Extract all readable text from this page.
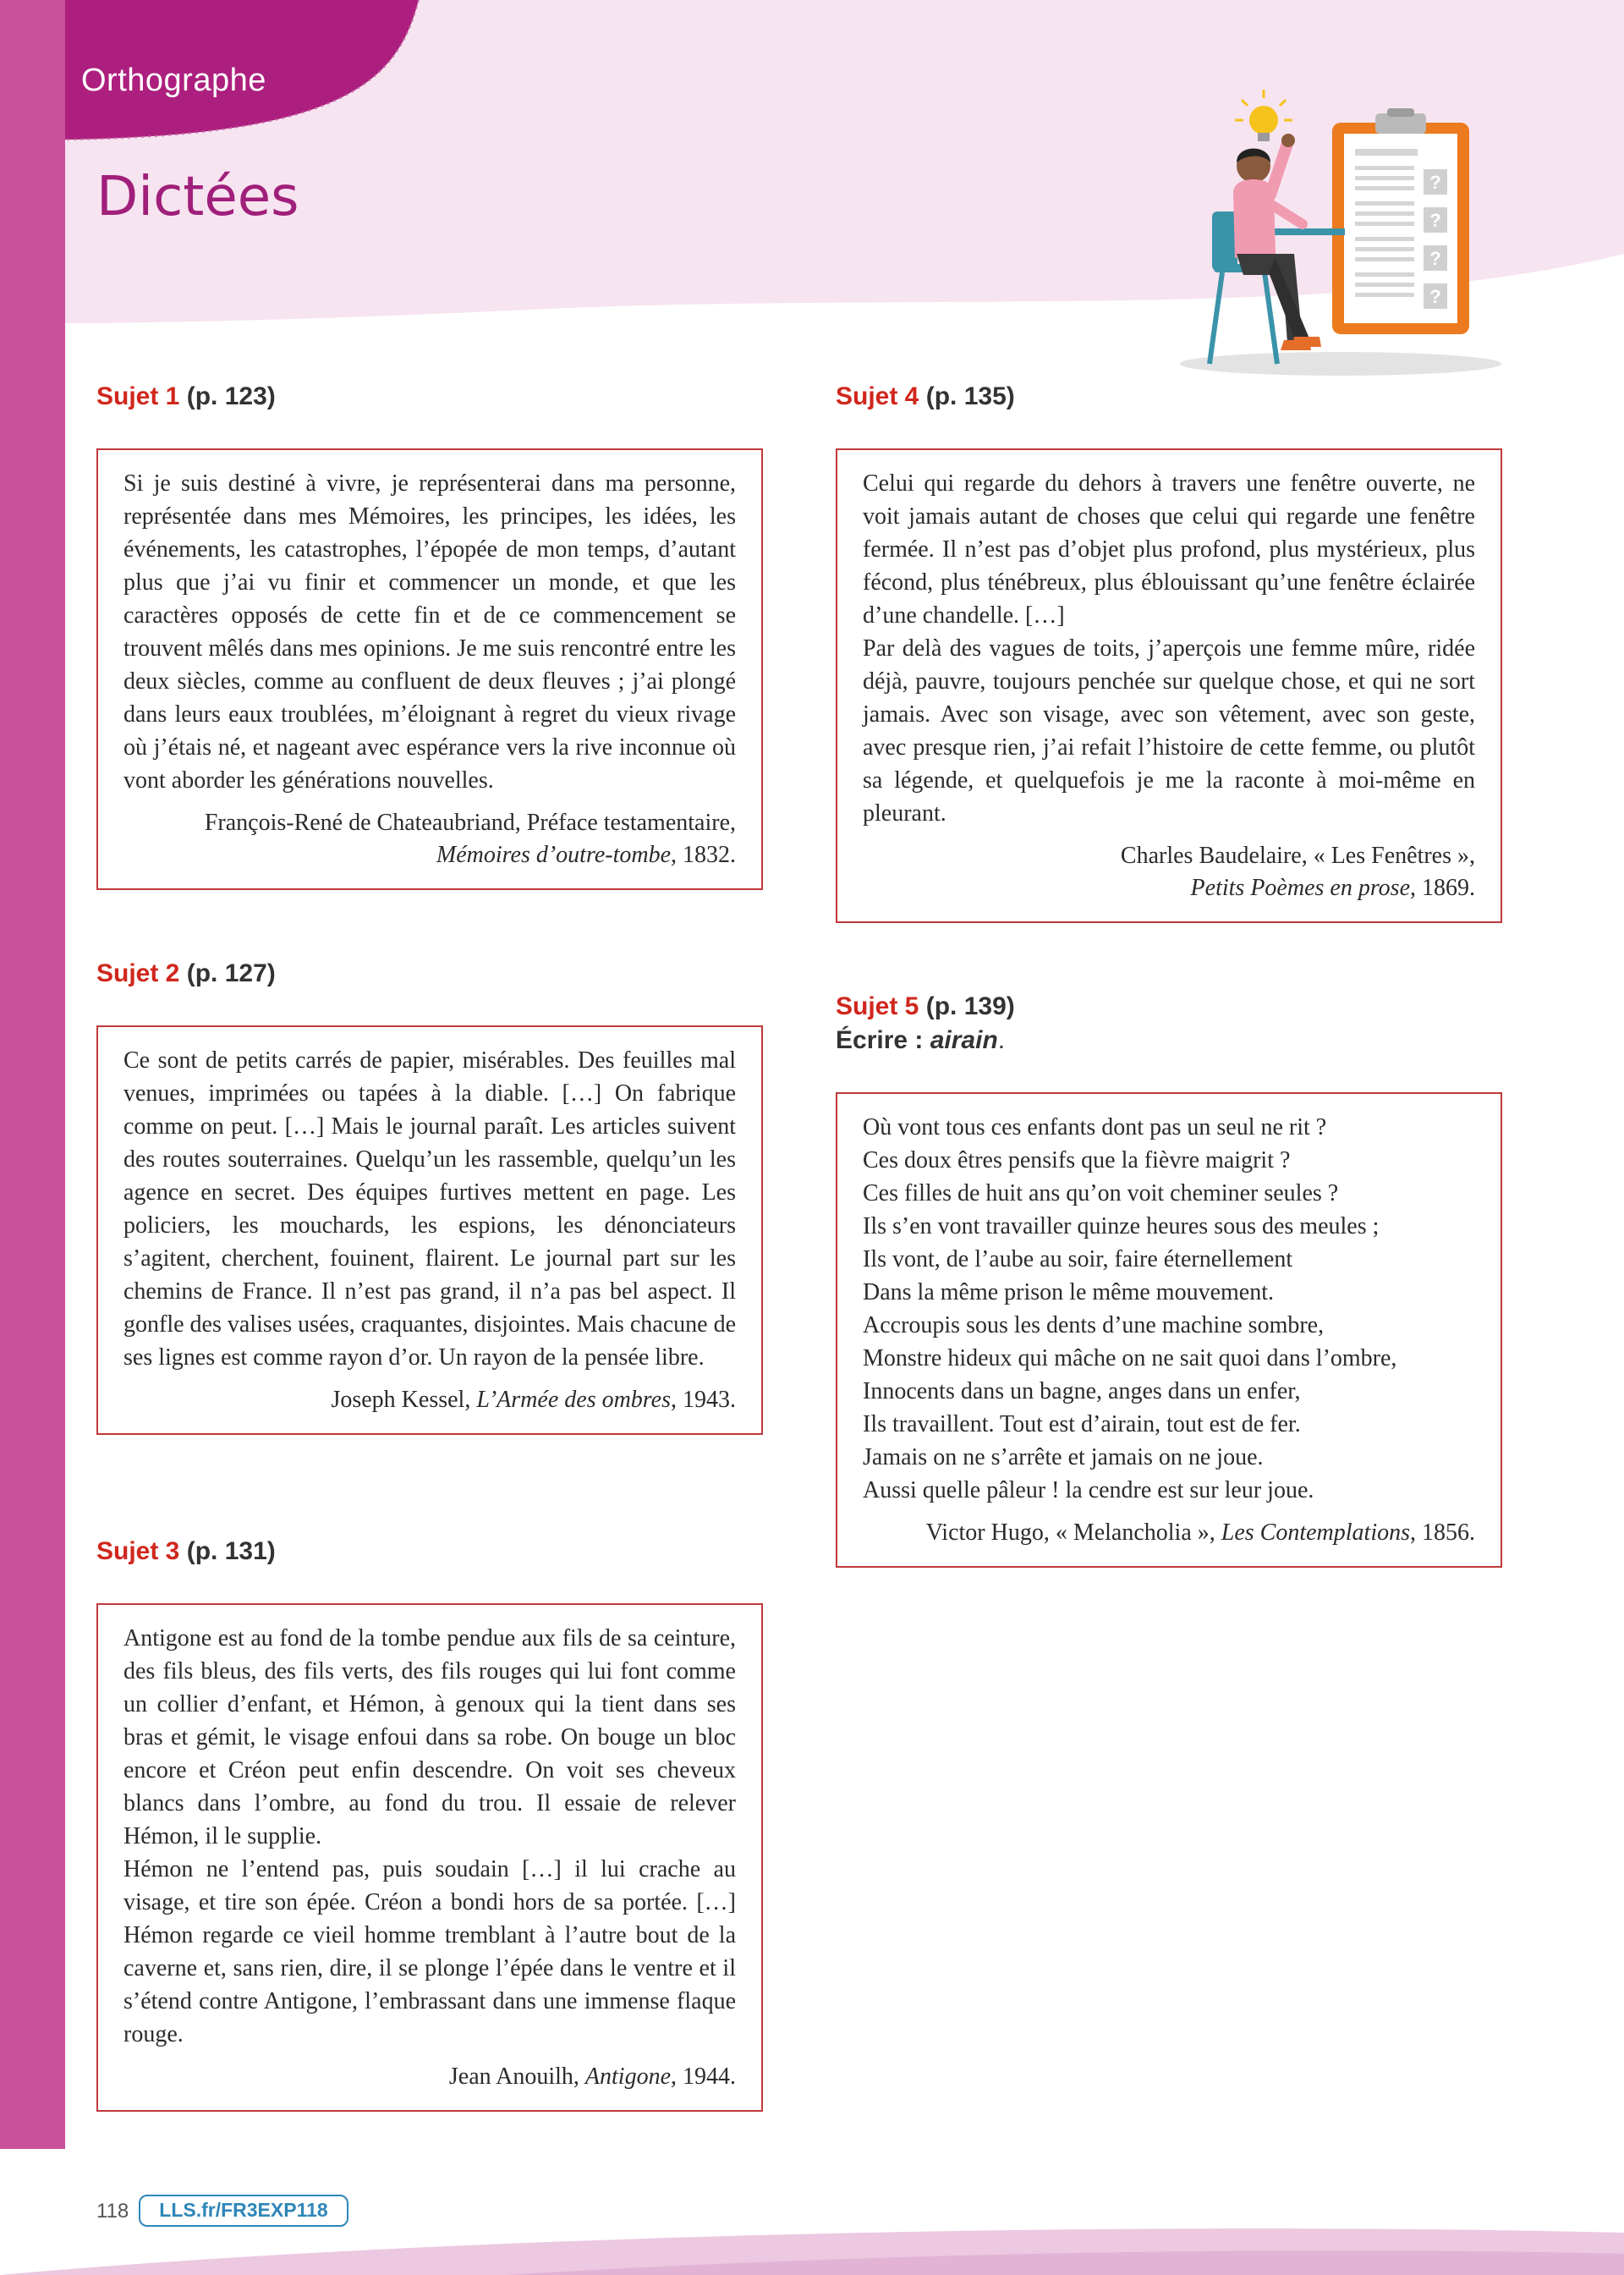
Orthographe
Dictées	?
?
?
?
Sujet 1 (p. 123)

Si je suis destiné à vivre, je représenterai dans ma personne, représentée dans mes Mémoires, les principes, les idées, les événements, les catastrophes, l’épopée de mon temps, d’autant plus que j’ai vu finir et commencer un monde, et que les caractères opposés de cette fin et de ce commencement se trouvent mêlés dans mes opinions. Je me suis rencontré entre les deux siècles, comme au confluent de deux fleuves ; j’ai plongé dans leurs eaux troublées, m’éloignant à regret du vieux rivage où j’étais né, et nageant avec espérance vers la rive inconnue où vont aborder les générations nouvelles.

François-René de Chateaubriand, Préface testamentaire,
Mémoires d’outre-tombe, 1832.
Sujet 2 (p. 127)

Ce sont de petits carrés de papier, misérables. Des feuilles mal venues, imprimées ou tapées à la diable. […] On fabrique comme on peut. […] Mais le journal paraît. Les articles suivent des routes souterraines. Quelqu’un les rassemble, quelqu’un les agence en secret. Des équipes furtives mettent en page. Les policiers, les mouchards, les espions, les dénonciateurs s’agitent, cherchent, fouinent, flairent. Le journal part sur les chemins de France. Il n’est pas grand, il n’a pas bel aspect. Il gonfle des valises usées, craquantes, disjointes. Mais chacune de ses lignes est comme rayon d’or. Un rayon de la pensée libre.

Joseph Kessel, L’Armée des ombres, 1943.
Sujet 3 (p. 131)

Antigone est au fond de la tombe pendue aux fils de sa ceinture, des fils bleus, des fils verts, des fils rouges qui lui font comme un collier d’enfant, et Hémon, à genoux qui la tient dans ses bras et gémit, le visage enfoui dans sa robe. On bouge un bloc encore et Créon peut enfin descendre. On voit ses cheveux blancs dans l’ombre, au fond du trou. Il essaie de relever Hémon, il le supplie.

Hémon ne l’entend pas, puis soudain […] il lui crache au visage, et tire son épée. Créon a bondi hors de sa portée. […] Hémon regarde ce vieil homme tremblant à l’autre bout de la caverne et, sans rien, dire, il se plonge l’épée dans le ventre et il s’étend contre Antigone, l’embrassant dans une immense flaque rouge.

Jean Anouilh, Antigone, 1944.
Sujet 4 (p. 135)

Celui qui regarde du dehors à travers une fenêtre ouverte, ne voit jamais autant de choses que celui qui regarde une fenêtre fermée. Il n’est pas d’objet plus profond, plus mystérieux, plus fécond, plus ténébreux, plus éblouissant qu’une fenêtre éclairée d’une chandelle. […]

Par delà des vagues de toits, j’aperçois une femme mûre, ridée déjà, pauvre, toujours penchée sur quelque chose, et qui ne sort jamais. Avec son visage, avec son vêtement, avec son geste, avec presque rien, j’ai refait l’histoire de cette femme, ou plutôt sa légende, et quelquefois je me la raconte à moi-même en pleurant.

Charles Baudelaire, « Les Fenêtres »,
Petits Poèmes en prose, 1869.
Sujet 5 (p. 139)
Écrire : airain.
Où vont tous ces enfants dont pas un seul ne rit ?
Ces doux êtres pensifs que la fièvre maigrit ?
Ces filles de huit ans qu’on voit cheminer seules ?
Ils s’en vont travailler quinze heures sous des meules ;
Ils vont, de l’aube au soir, faire éternellement
Dans la même prison le même mouvement.
Accroupis sous les dents d’une machine sombre,
Monstre hideux qui mâche on ne sait quoi dans l’ombre,
Innocents dans un bagne, anges dans un enfer,
Ils travaillent. Tout est d’airain, tout est de fer.
Jamais on ne s’arrête et jamais on ne joue.
Aussi quelle pâleur ! la cendre est sur leur joue.
Victor Hugo, « Melancholia », Les Contemplations, 1856.
118	LLS.fr/FR3EXP118
